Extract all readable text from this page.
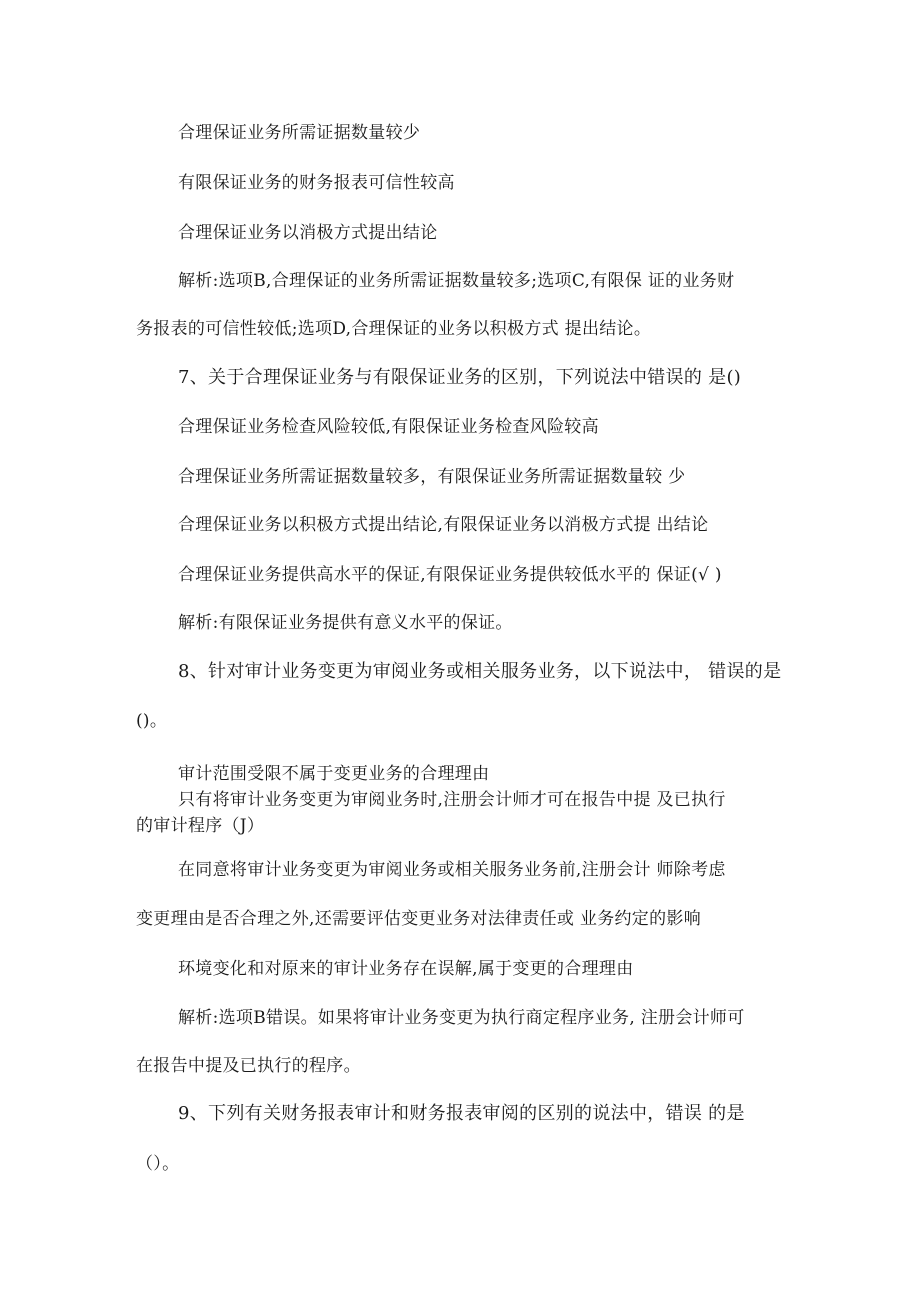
合理保证业务所需证据数量较少
有限保证业务的财务报表可信性较高
合理保证业务以消极方式提出结论
解析:选项B,合理保证的业务所需证据数量较多;选项C,有限保 证的业务财
务报表的可信性较低;选项D,合理保证的业务以积极方式 提出结论。
7、关于合理保证业务与有限保证业务的区别，下列说法中错误的 是()
合理保证业务检查风险较低,有限保证业务检查风险较高
合理保证业务所需证据数量较多，有限保证业务所需证据数量较 少
合理保证业务以积极方式提出结论,有限保证业务以消极方式提 出结论
合理保证业务提供高水平的保证,有限保证业务提供较低水平的 保证(√ )
解析:有限保证业务提供有意义水平的保证。
8、针对审计业务变更为审阅业务或相关服务业务，以下说法中， 错误的是
()。
审计范围受限不属于变更业务的合理理由
只有将审计业务变更为审阅业务时,注册会计师才可在报告中提 及已执行
的审计程序（J）
在同意将审计业务变更为审阅业务或相关服务业务前,注册会计 师除考虑
变更理由是否合理之外,还需要评估变更业务对法律责任或 业务约定的影响
环境变化和对原来的审计业务存在误解,属于变更的合理理由
解析:选项B错误。如果将审计业务变更为执行商定程序业务, 注册会计师可
在报告中提及已执行的程序。
9、下列有关财务报表审计和财务报表审阅的区别的说法中，错误 的是
（）。
